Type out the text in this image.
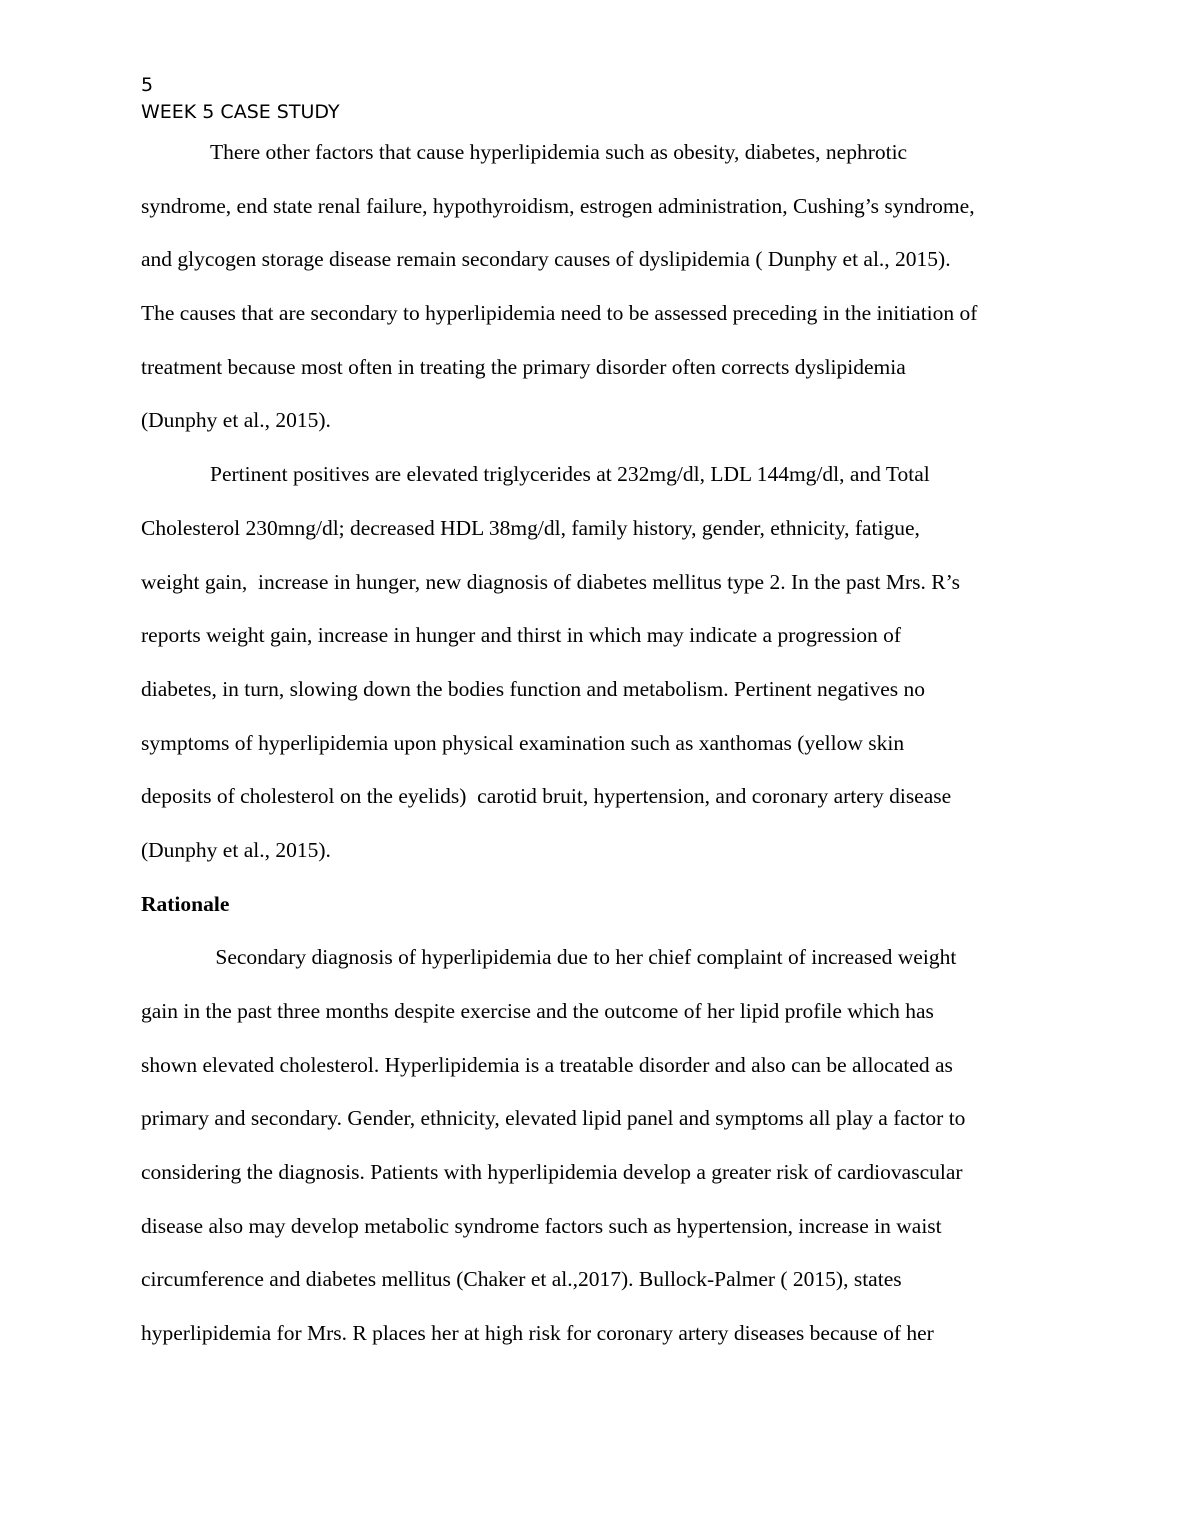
5
WEEK 5 CASE STUDY
There other factors that cause hyperlipidemia such as obesity, diabetes, nephrotic
syndrome, end state renal failure, hypothyroidism, estrogen administration, Cushing’s syndrome,
and glycogen storage disease remain secondary causes of dyslipidemia ( Dunphy et al., 2015).
The causes that are secondary to hyperlipidemia need to be assessed preceding in the initiation of
treatment because most often in treating the primary disorder often corrects dyslipidemia
(Dunphy et al., 2015).
Pertinent positives are elevated triglycerides at 232mg/dl, LDL 144mg/dl, and Total
Cholesterol 230mng/dl; decreased HDL 38mg/dl, family history, gender, ethnicity, fatigue,
weight gain,  increase in hunger, new diagnosis of diabetes mellitus type 2. In the past Mrs. R’s
reports weight gain, increase in hunger and thirst in which may indicate a progression of
diabetes, in turn, slowing down the bodies function and metabolism. Pertinent negatives no
symptoms of hyperlipidemia upon physical examination such as xanthomas (yellow skin
deposits of cholesterol on the eyelids)  carotid bruit, hypertension, and coronary artery disease
(Dunphy et al., 2015).
Rationale
Secondary diagnosis of hyperlipidemia due to her chief complaint of increased weight
gain in the past three months despite exercise and the outcome of her lipid profile which has
shown elevated cholesterol. Hyperlipidemia is a treatable disorder and also can be allocated as
primary and secondary. Gender, ethnicity, elevated lipid panel and symptoms all play a factor to
considering the diagnosis. Patients with hyperlipidemia develop a greater risk of cardiovascular
disease also may develop metabolic syndrome factors such as hypertension, increase in waist
circumference and diabetes mellitus (Chaker et al.,2017). Bullock-Palmer ( 2015), states
hyperlipidemia for Mrs. R places her at high risk for coronary artery diseases because of her
